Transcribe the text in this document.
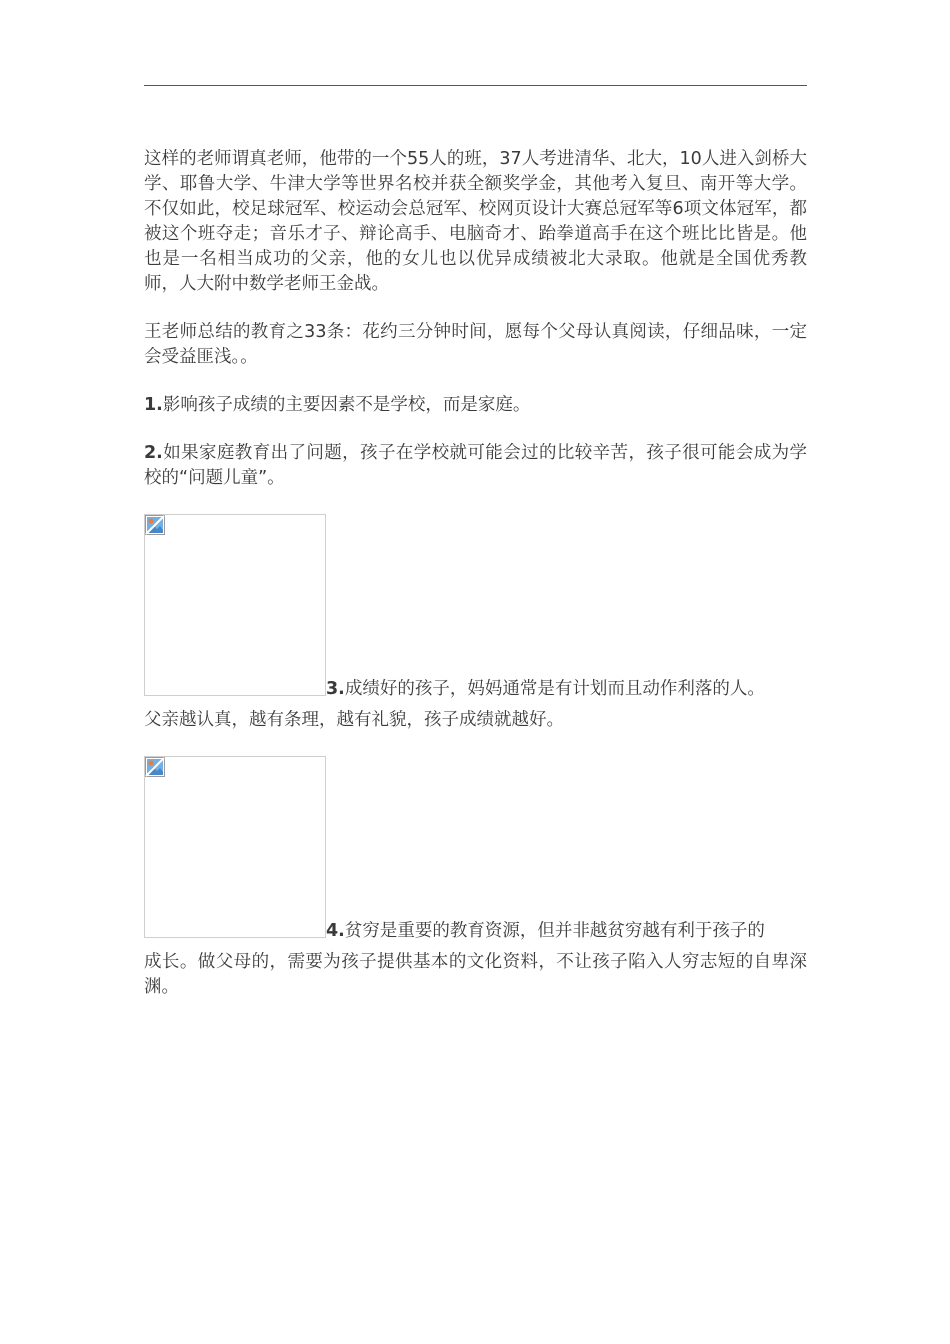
这样的老师谓真老师，他带的一个55人的班，37人考进清华、北大，10人进入剑桥大学、耶鲁大学、牛津大学等世界名校并获全额奖学金，其他考入复旦、南开等大学。不仅如此，校足球冠军、校运动会总冠军、校网页设计大赛总冠军等6项文体冠军，都被这个班夺走；音乐才子、辩论高手、电脑奇才、跆拳道高手在这个班比比皆是。他也是一名相当成功的父亲，他的女儿也以优异成绩被北大录取。他就是全国优秀教师，人大附中数学老师王金战。

王老师总结的教育之33条：花约三分钟时间，愿每个父母认真阅读，仔细品味，一定会受益匪浅。。

1.影响孩子成绩的主要因素不是学校，而是家庭。

2.如果家庭教育出了问题，孩子在学校就可能会过的比较辛苦，孩子很可能会成为学校的“问题儿童”。

3.成绩好的孩子，妈妈通常是有计划而且动作利落的人。

父亲越认真，越有条理，越有礼貌，孩子成绩就越好。

4.贫穷是重要的教育资源，但并非越贫穷越有利于孩子的

成长。做父母的，需要为孩子提供基本的文化资料，不让孩子陷入人穷志短的自卑深渊。
